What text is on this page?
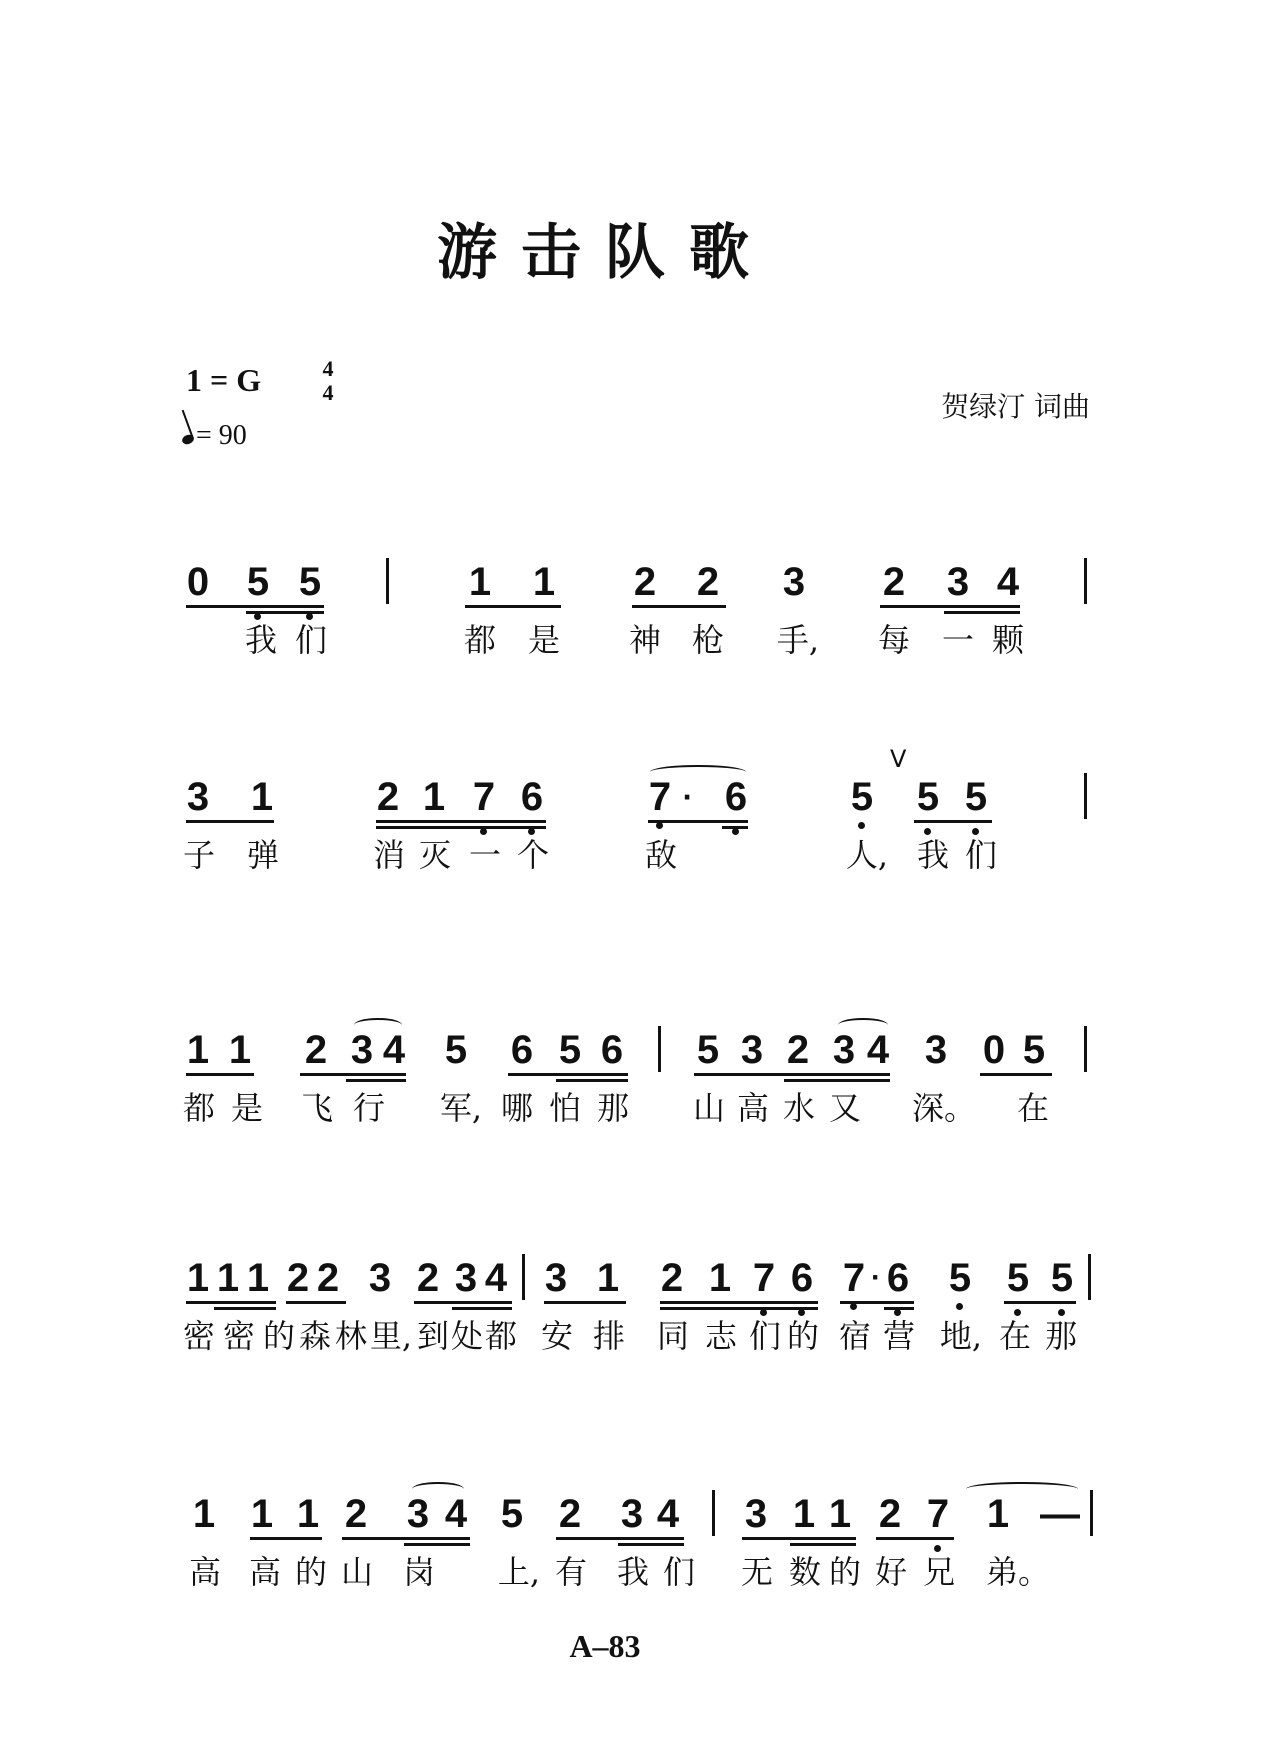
游击队歌
1 = G	4
4
= 90
贺绿汀 词曲
0 5 5	1 1 2 2 3 2 3 4
我 们	都 是 神 枪 手, 每 一 颗
3 1	2 1 7 6	7 · 6
V
5 5 5
子 弹	消 灭 一 个	敌	人, 我 们
1 1 2 3 4 5 6 5 6 5 3 2 3 4 3 0 5
都 是 飞 行 军, 哪 怕 那 山 高 水 又 深。 在
1 1 1 2 2 3 2 3 4 3 1 2 1 7 6 7 · 6 5 5 5
密 密 的 森 林 里, 到 处 都 安 排 同 志 们 的 宿 营 地, 在 那
1 1 1 2 3 4 5 2 3 4 3 1 1 2 7 1 —
高 高 的 山 岗 上, 有 我 们 无 数 的 好 兄 弟。
A–83
